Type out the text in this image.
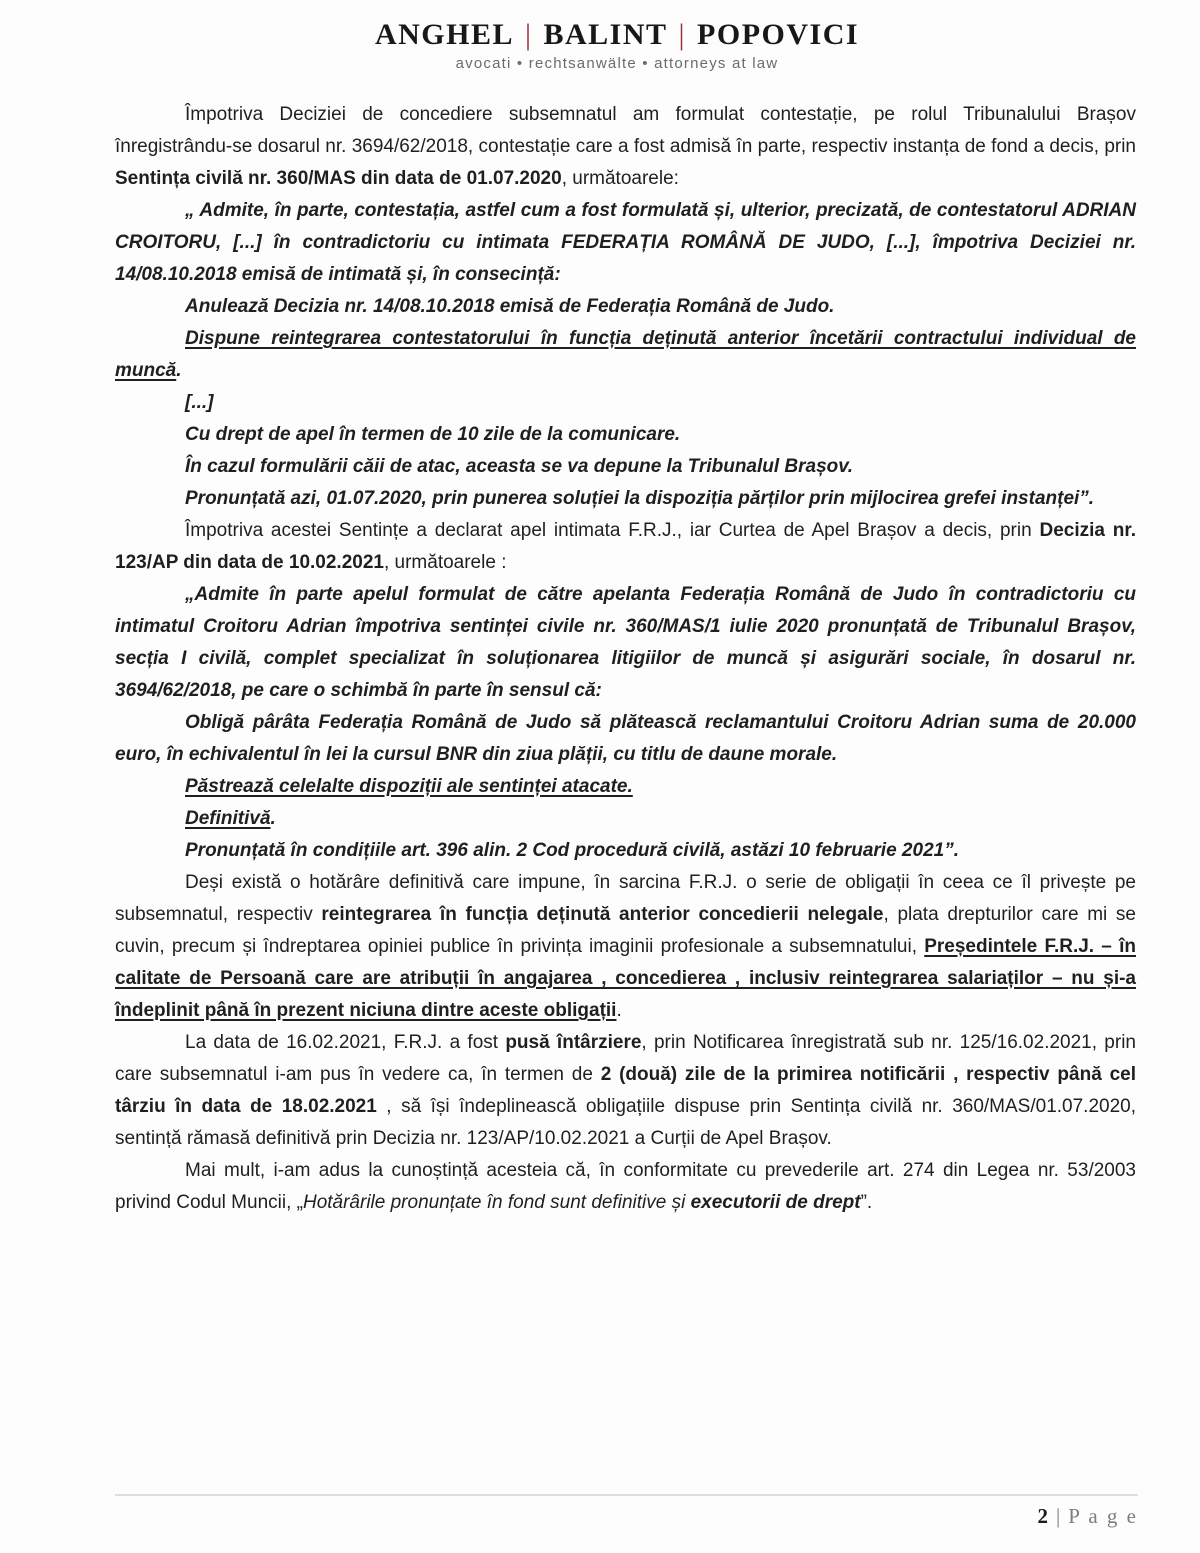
ANGHEL | BALINT | POPOVICI
avocati • rechtsanwälte • attorneys at law

Împotriva Deciziei de concediere subsemnatul am formulat contestație, pe rolul Tribunalului Brașov înregistrându-se dosarul nr. 3694/62/2018, contestație care a fost admisă în parte, respectiv instanța de fond a decis, prin Sentința civilă nr. 360/MAS din data de 01.07.2020, următoarele:

„ Admite, în parte, contestația, astfel cum a fost formulată și, ulterior, precizată, de contestatorul ADRIAN CROITORU, [...] în contradictoriu cu intimata FEDERAȚIA ROMÂNĂ DE JUDO, [...], împotriva Deciziei nr. 14/08.10.2018 emisă de intimată și, în consecință:

Anulează Decizia nr. 14/08.10.2018 emisă de Federația Română de Judo.

Dispune reintegrarea contestatorului în funcția deținută anterior încetării contractului individual de muncă.

[...]

Cu drept de apel în termen de 10 zile de la comunicare.

În cazul formulării căii de atac, aceasta se va depune la Tribunalul Brașov.

Pronunțată azi, 01.07.2020, prin punerea soluției la dispoziția părților prin mijlocirea grefei instanței”.

Împotriva acestei Sentințe a declarat apel intimata F.R.J., iar Curtea de Apel Brașov a decis, prin Decizia nr. 123/AP din data de 10.02.2021, următoarele :

„Admite în parte apelul formulat de către apelanta Federația Română de Judo în contradictoriu cu intimatul Croitoru Adrian împotriva sentinței civile nr. 360/MAS/1 iulie 2020 pronunțată de Tribunalul Brașov, secția I civilă, complet specializat în soluționarea litigiilor de muncă și asigurări sociale, în dosarul nr. 3694/62/2018, pe care o schimbă în parte în sensul că:

Obligă pârâta Federația Română de Judo să plătească reclamantului Croitoru Adrian suma de 20.000 euro, în echivalentul în lei la cursul BNR din ziua plății, cu titlu de daune morale.

Păstrează celelalte dispoziții ale sentinței atacate.

Definitivă.

Pronunțată în condițiile art. 396 alin. 2 Cod procedură civilă, astăzi 10 februarie 2021”.

Deși există o hotărâre definitivă care impune, în sarcina F.R.J. o serie de obligații în ceea ce îl privește pe subsemnatul, respectiv reintegrarea în funcția deținută anterior concedierii nelegale, plata drepturilor care mi se cuvin, precum și îndreptarea opiniei publice în privința imaginii profesionale a subsemnatului, Președintele F.R.J. – în calitate de Persoană care are atribuții în angajarea , concedierea , inclusiv reintegrarea salariaților – nu și-a îndeplinit până în prezent niciuna dintre aceste obligații.

La data de 16.02.2021, F.R.J. a fost pusă întârziere, prin Notificarea înregistrată sub nr. 125/16.02.2021, prin care subsemnatul i-am pus în vedere ca, în termen de 2 (două) zile de la primirea notificării , respectiv până cel târziu în data de 18.02.2021 , să își îndeplinească obligațiile dispuse prin Sentința civilă nr. 360/MAS/01.07.2020, sentință rămasă definitivă prin Decizia nr. 123/AP/10.02.2021 a Curții de Apel Brașov.

Mai mult, i-am adus la cunoștință acesteia că, în conformitate cu prevederile art. 274 din Legea nr. 53/2003 privind Codul Muncii, „Hotărârile pronunțate în fond sunt definitive și executorii de drept”.

2 | P a g e
